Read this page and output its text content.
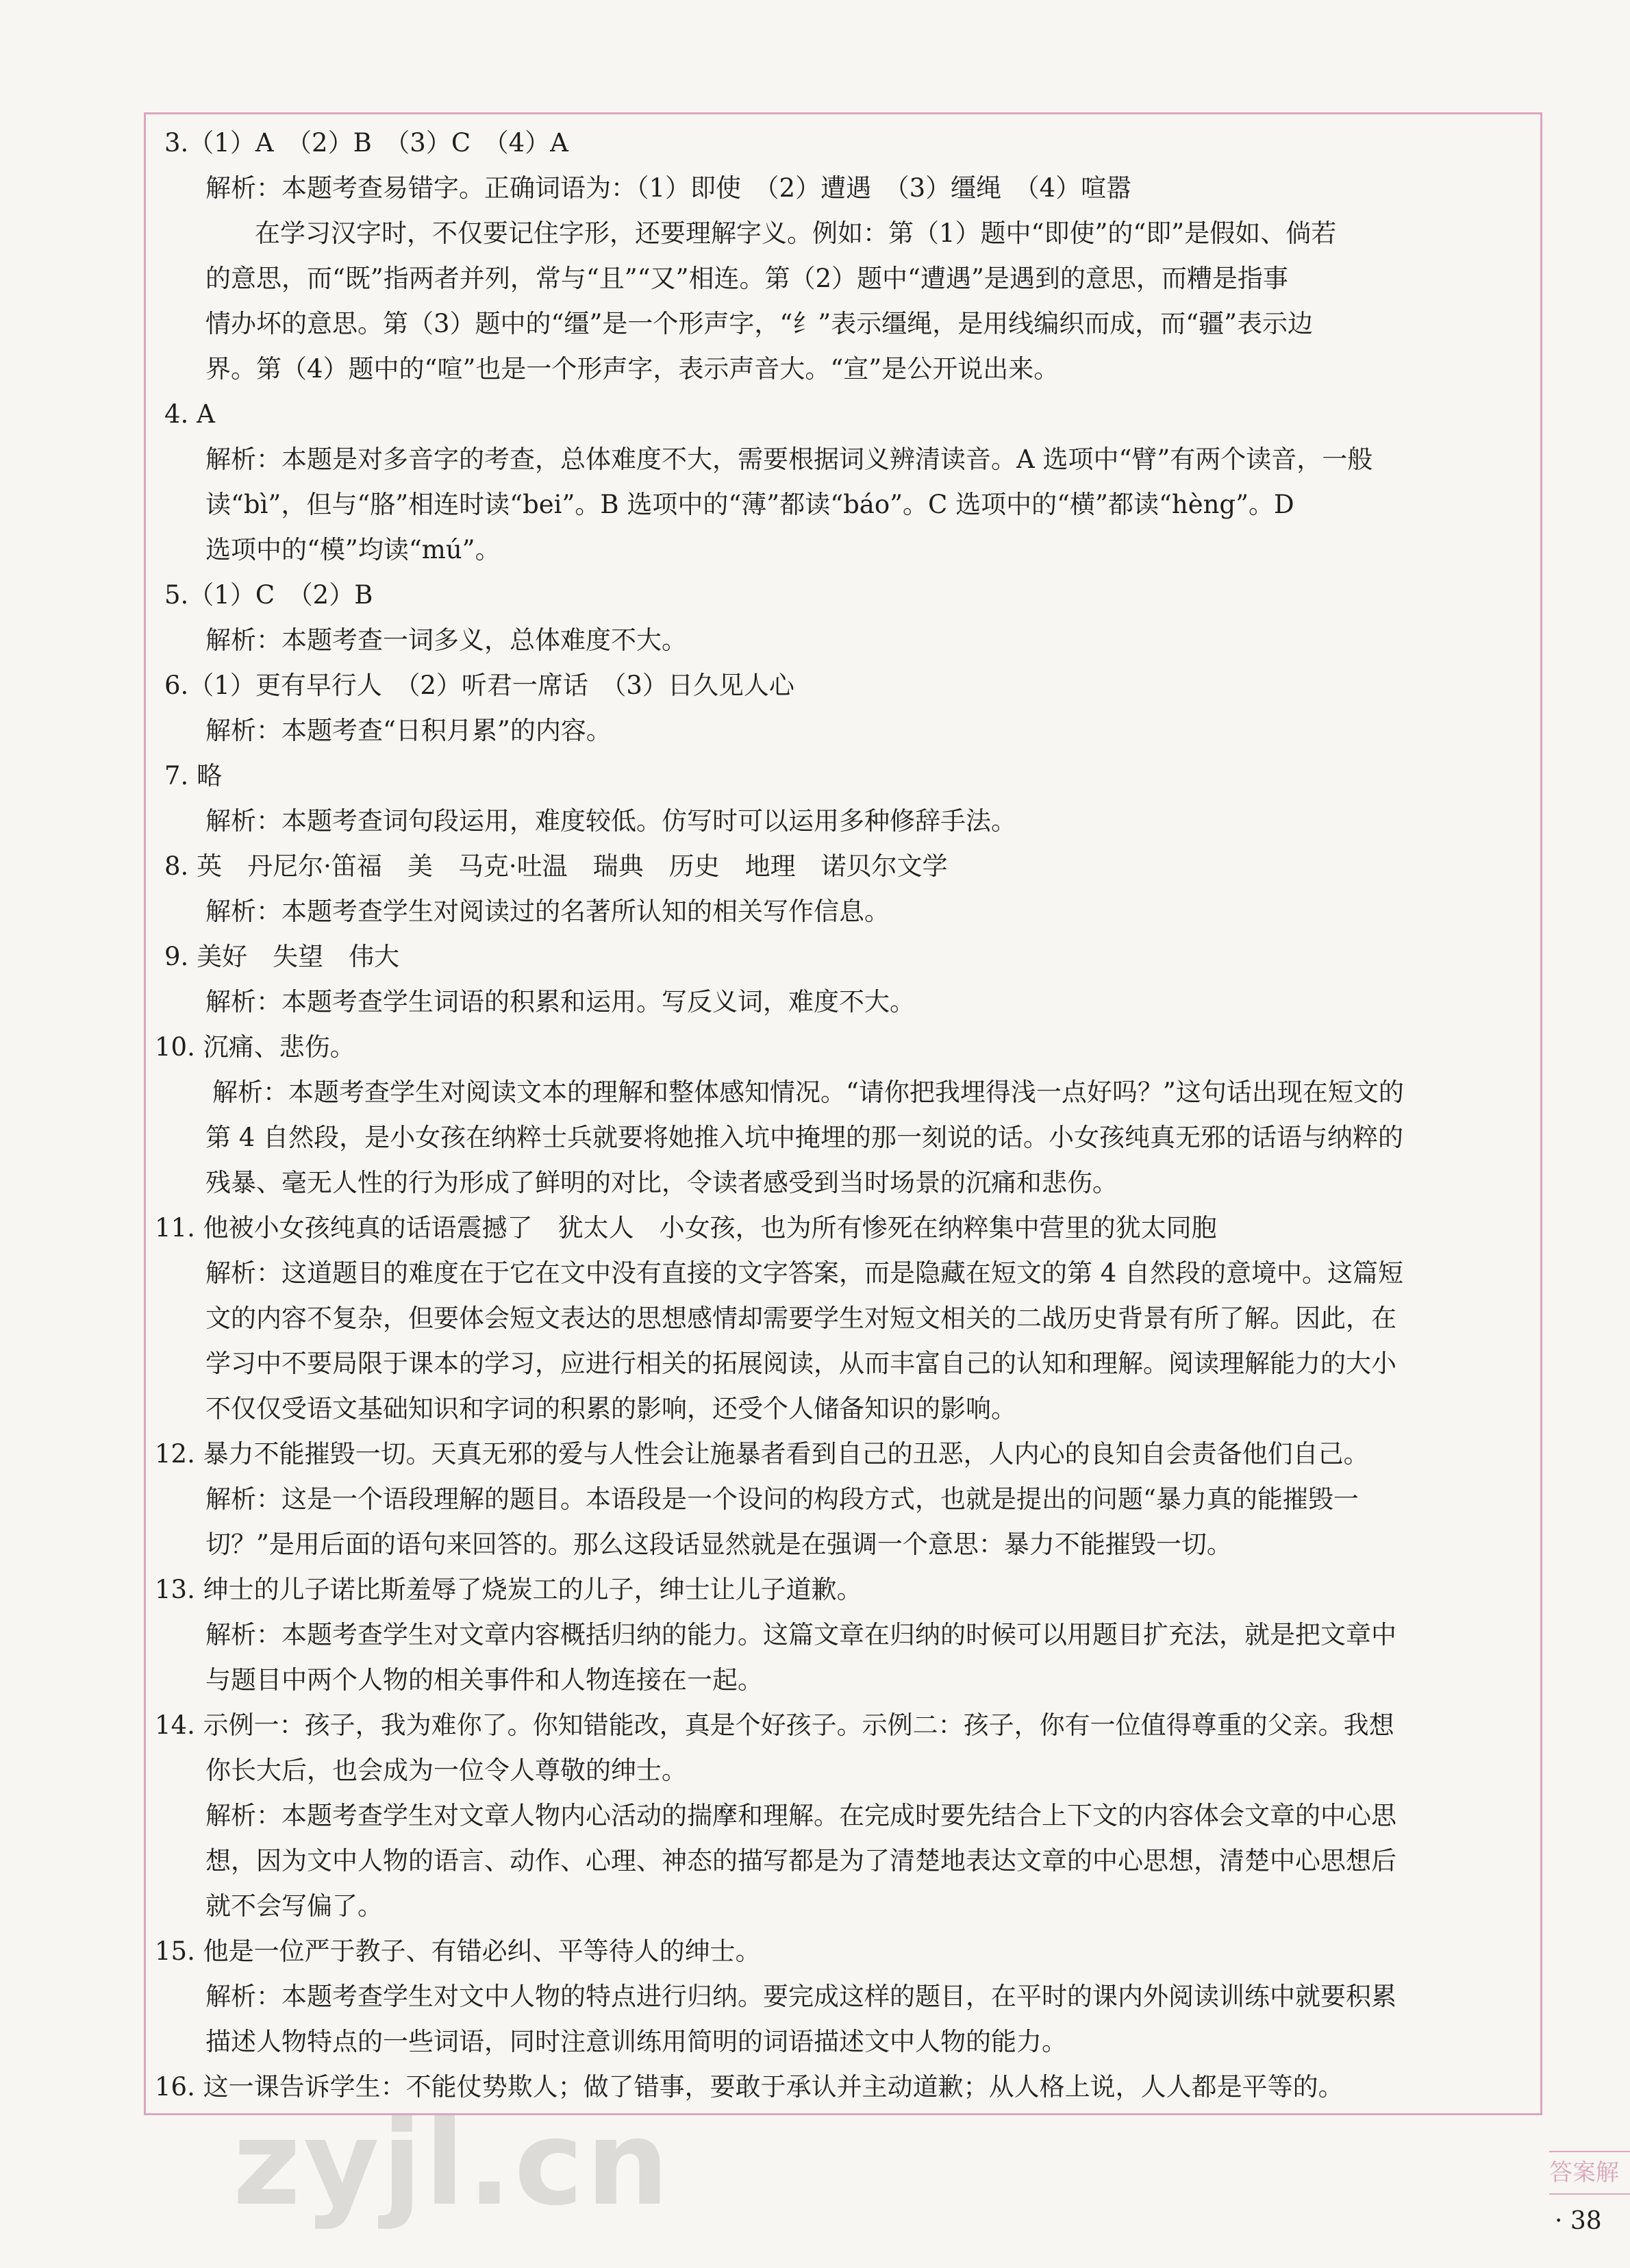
3.（1）A　（2）B　（3）C　（4）A

解析：本题考查易错字。正确词语为：（1）即使　（2）遭遇　（3）缰绳　（4）喧嚣

在学习汉字时，不仅要记住字形，还要理解字义。例如：第（1）题中“即使”的“即”是假如、倘若

的意思，而“既”指两者并列，常与“且”“又”相连。第（2）题中“遭遇”是遇到的意思，而糟是指事

情办坏的意思。第（3）题中的“缰”是一个形声字，“纟”表示缰绳，是用线编织而成，而“疆”表示边

界。第（4）题中的“喧”也是一个形声字，表示声音大。“宣”是公开说出来。

4. A

解析：本题是对多音字的考查，总体难度不大，需要根据词义辨清读音。A 选项中“臂”有两个读音，一般

读“bì”，但与“胳”相连时读“bei”。B 选项中的“薄”都读“báo”。C 选项中的“横”都读“hèng”。D

选项中的“模”均读“mú”。

5.（1）C　（2）B

解析：本题考查一词多义，总体难度不大。

6.（1）更有早行人　（2）听君一席话　（3）日久见人心

解析：本题考查“日积月累”的内容。

7. 略

解析：本题考查词句段运用，难度较低。仿写时可以运用多种修辞手法。

8. 英　丹尼尔·笛福　美　马克·吐温　瑞典　历史　地理　诺贝尔文学

解析：本题考查学生对阅读过的名著所认知的相关写作信息。

9. 美好　失望　伟大

解析：本题考查学生词语的积累和运用。写反义词，难度不大。

10. 沉痛、悲伤。

解析：本题考查学生对阅读文本的理解和整体感知情况。“请你把我埋得浅一点好吗？”这句话出现在短文的

第 4 自然段，是小女孩在纳粹士兵就要将她推入坑中掩埋的那一刻说的话。小女孩纯真无邪的话语与纳粹的

残暴、毫无人性的行为形成了鲜明的对比，令读者感受到当时场景的沉痛和悲伤。

11. 他被小女孩纯真的话语震撼了　犹太人　小女孩，也为所有惨死在纳粹集中营里的犹太同胞

解析：这道题目的难度在于它在文中没有直接的文字答案，而是隐藏在短文的第 4 自然段的意境中。这篇短

文的内容不复杂，但要体会短文表达的思想感情却需要学生对短文相关的二战历史背景有所了解。因此，在

学习中不要局限于课本的学习，应进行相关的拓展阅读，从而丰富自己的认知和理解。阅读理解能力的大小

不仅仅受语文基础知识和字词的积累的影响，还受个人储备知识的影响。

12. 暴力不能摧毁一切。天真无邪的爱与人性会让施暴者看到自己的丑恶，人内心的良知自会责备他们自己。

解析：这是一个语段理解的题目。本语段是一个设问的构段方式，也就是提出的问题“暴力真的能摧毁一

切？”是用后面的语句来回答的。那么这段话显然就是在强调一个意思：暴力不能摧毁一切。

13. 绅士的儿子诺比斯羞辱了烧炭工的儿子，绅士让儿子道歉。

解析：本题考查学生对文章内容概括归纳的能力。这篇文章在归纳的时候可以用题目扩充法，就是把文章中

与题目中两个人物的相关事件和人物连接在一起。

14. 示例一：孩子，我为难你了。你知错能改，真是个好孩子。示例二：孩子，你有一位值得尊重的父亲。我想

你长大后，也会成为一位令人尊敬的绅士。

解析：本题考查学生对文章人物内心活动的揣摩和理解。在完成时要先结合上下文的内容体会文章的中心思

想，因为文中人物的语言、动作、心理、神态的描写都是为了清楚地表达文章的中心思想，清楚中心思想后

就不会写偏了。

15. 他是一位严于教子、有错必纠、平等待人的绅士。

解析：本题考查学生对文中人物的特点进行归纳。要完成这样的题目，在平时的课内外阅读训练中就要积累

描述人物特点的一些词语，同时注意训练用简明的词语描述文中人物的能力。

16. 这一课告诉学生：不能仗势欺人；做了错事，要敢于承认并主动道歉；从人格上说，人人都是平等的。

zyjl.cn	答案解
· 38
